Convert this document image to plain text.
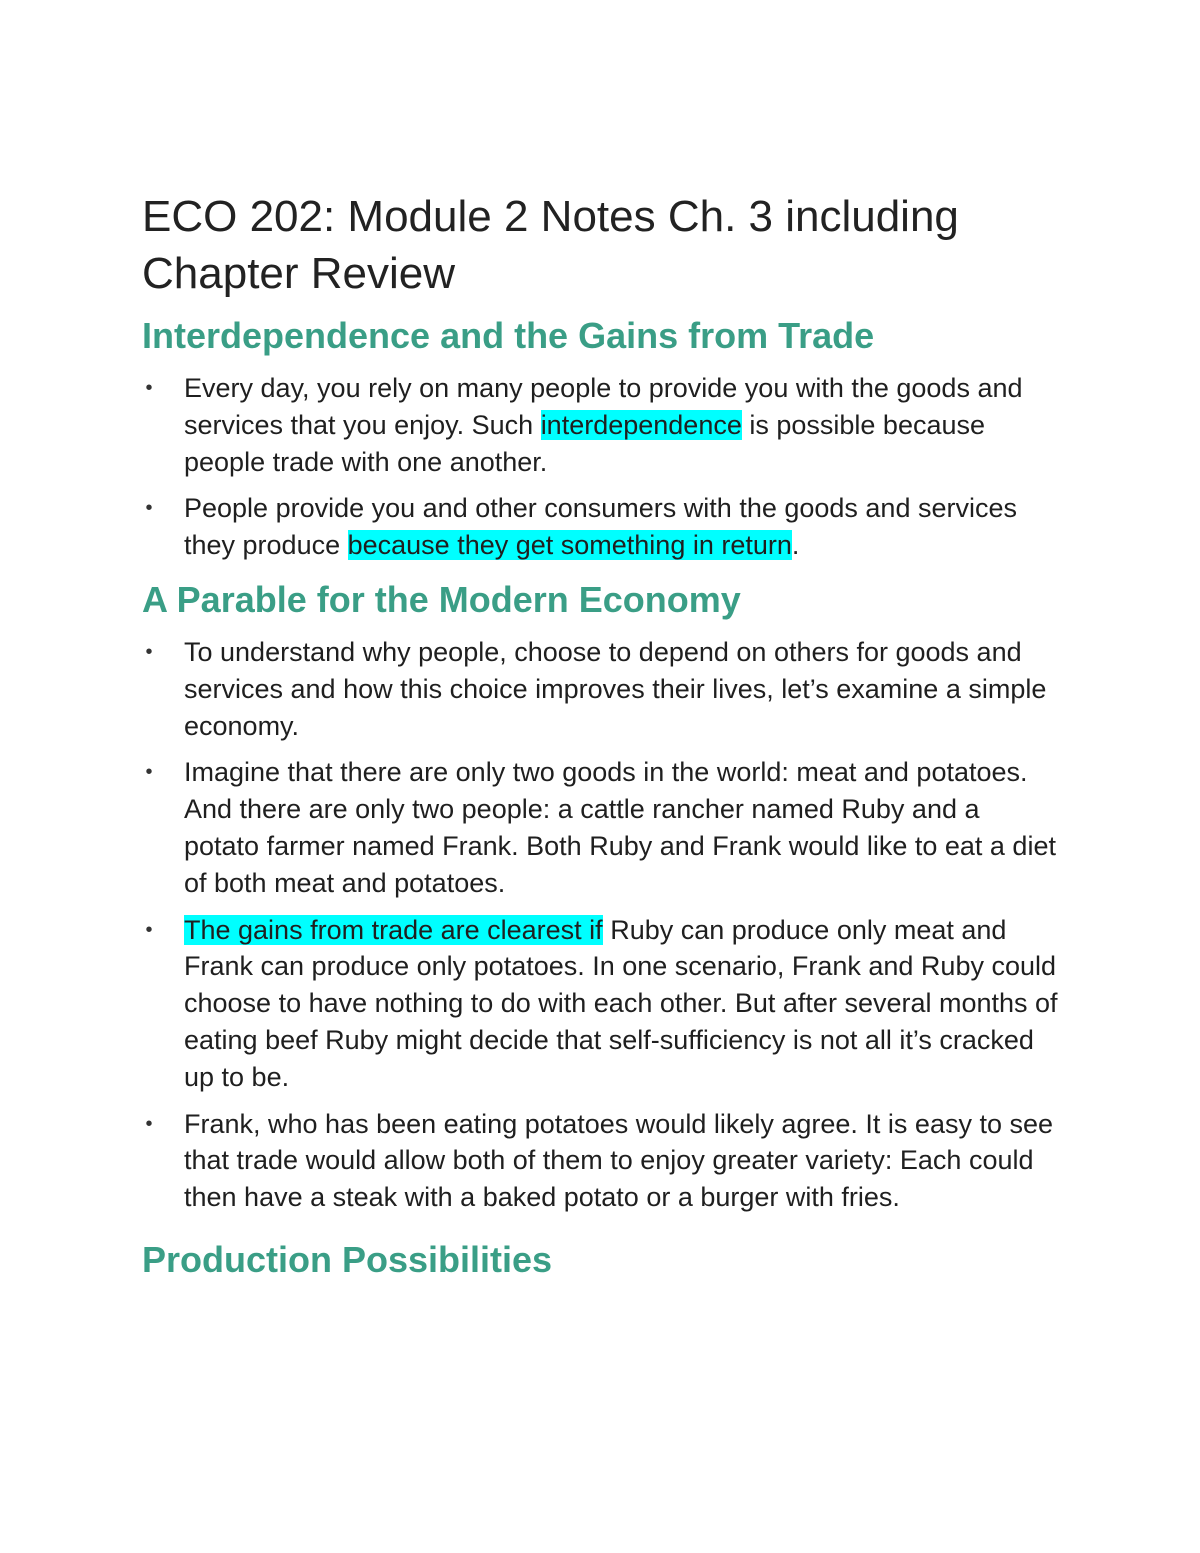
ECO 202: Module 2 Notes Ch. 3 including Chapter Review
Interdependence and the Gains from Trade
• Every day, you rely on many people to provide you with the goods and services that you enjoy. Such interdependence is possible because people trade with one another.
• People provide you and other consumers with the goods and services they produce because they get something in return.
A Parable for the Modern Economy
• To understand why people, choose to depend on others for goods and services and how this choice improves their lives, let’s examine a simple economy.
• Imagine that there are only two goods in the world: meat and potatoes. And there are only two people: a cattle rancher named Ruby and a potato farmer named Frank. Both Ruby and Frank would like to eat a diet of both meat and potatoes.
• The gains from trade are clearest if Ruby can produce only meat and Frank can produce only potatoes. In one scenario, Frank and Ruby could choose to have nothing to do with each other. But after several months of eating beef Ruby might decide that self-sufficiency is not all it’s cracked up to be.
• Frank, who has been eating potatoes would likely agree. It is easy to see that trade would allow both of them to enjoy greater variety: Each could then have a steak with a baked potato or a burger with fries.
Production Possibilities
